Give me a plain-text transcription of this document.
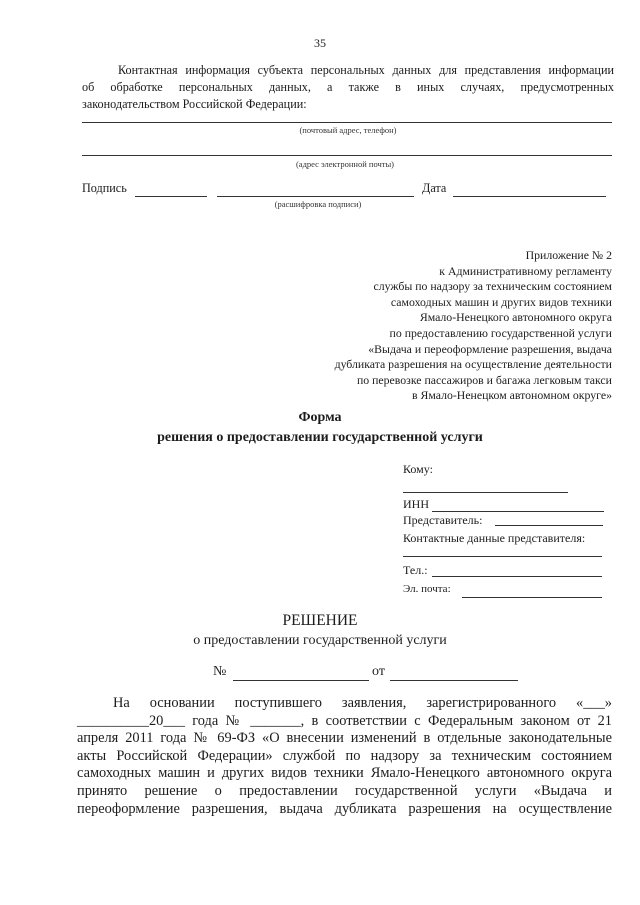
35
Контактная информация субъекта персональных данных для представления информации
об обработке персональных данных, а также в иных случаях, предусмотренных
законодательством Российской Федерации:
(почтовый адрес, телефон)
(адрес электронной почты)
Подпись	Дата
(расшифровка подписи)
Приложение № 2
к Административному регламенту
службы по надзору за техническим состоянием
самоходных машин и других видов техники
Ямало-Ненецкого автономного округа
по предоставлению государственной услуги
«Выдача и переоформление разрешения, выдача
дубликата разрешения на осуществление деятельности
по перевозке пассажиров и багажа легковым такси
в Ямало-Ненецком автономном округе»
Форма
решения о предоставлении государственной услуги
Кому:
ИНН
Представитель:
Контактные данные представителя:
Тел.:
Эл. почта:
РЕШЕНИЕ
о предоставлении государственной услуги
№	от
На основании поступившего заявления, зарегистрированного «___»
__________20___ года № _______, в соответствии с Федеральным законом от 21
апреля 2011 года № 69-ФЗ «О внесении изменений в отдельные законодательные
акты Российской Федерации» службой по надзору за техническим состоянием
самоходных машин и других видов техники Ямало-Ненецкого автономного округа
принято решение о предоставлении государственной услуги «Выдача и
переоформление разрешения, выдача дубликата разрешения на осуществление
